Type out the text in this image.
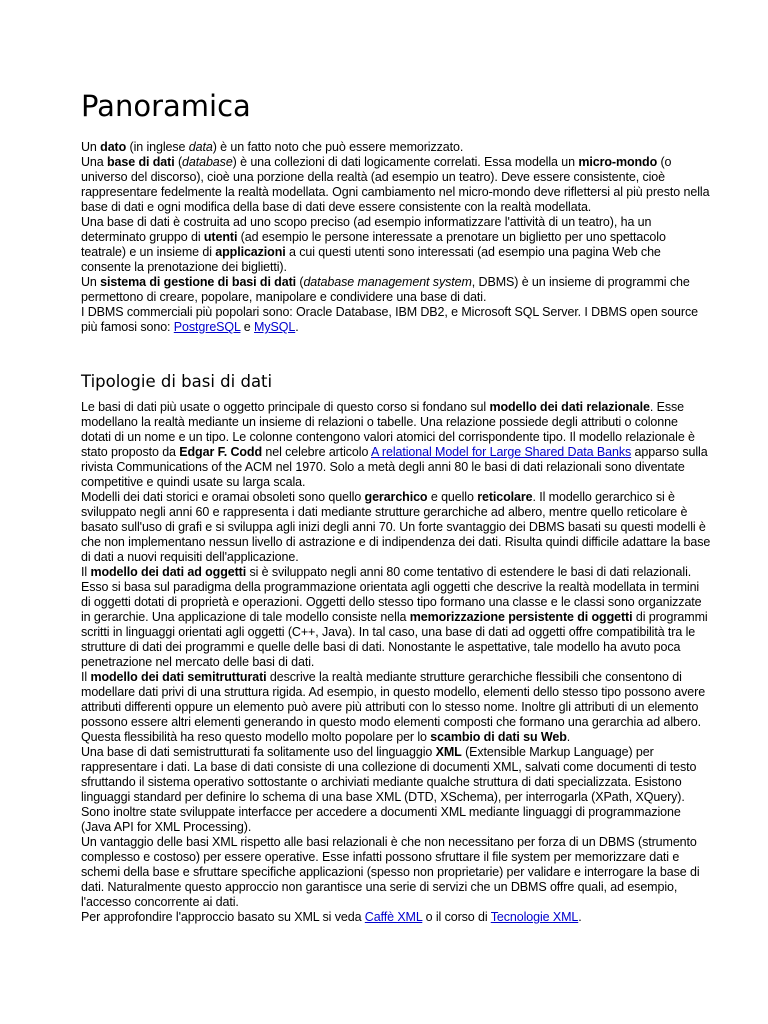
Panoramica

Un dato (in inglese data) è un fatto noto che può essere memorizzato.

Una base di dati (database) è una collezioni di dati logicamente correlati. Essa modella un micro-mondo (o universo del discorso), cioè una porzione della realtà (ad esempio un teatro). Deve essere consistente, cioè rappresentare fedelmente la realtà modellata. Ogni cambiamento nel micro-mondo deve riflettersi al più presto nella base di dati e ogni modifica della base di dati deve essere consistente con la realtà modellata.

Una base di dati è costruita ad uno scopo preciso (ad esempio informatizzare l'attività di un teatro), ha un determinato gruppo di utenti (ad esempio le persone interessate a prenotare un biglietto per uno spettacolo teatrale) e un insieme di applicazioni a cui questi utenti sono interessati (ad esempio una pagina Web che consente la prenotazione dei biglietti).

Un sistema di gestione di basi di dati (database management system, DBMS) è un insieme di programmi che permettono di creare, popolare, manipolare e condividere una base di dati.

I DBMS commerciali più popolari sono: Oracle Database, IBM DB2, e Microsoft SQL Server. I DBMS open source più famosi sono: PostgreSQL e MySQL.

Tipologie di basi di dati

Le basi di dati più usate o oggetto principale di questo corso si fondano sul modello dei dati relazionale. Esse modellano la realtà mediante un insieme di relazioni o tabelle. Una relazione possiede degli attributi o colonne dotati di un nome e un tipo. Le colonne contengono valori atomici del corrispondente tipo. Il modello relazionale è stato proposto da Edgar F. Codd nel celebre articolo A relational Model for Large Shared Data Banks apparso sulla rivista Communications of the ACM nel 1970. Solo a metà degli anni 80 le basi di dati relazionali sono diventate competitive e quindi usate su larga scala.

Modelli dei dati storici e oramai obsoleti sono quello gerarchico e quello reticolare. Il modello gerarchico si è sviluppato negli anni 60 e rappresenta i dati mediante strutture gerarchiche ad albero, mentre quello reticolare è basato sull'uso di grafi e si sviluppa agli inizi degli anni 70. Un forte svantaggio dei DBMS basati su questi modelli è che non implementano nessun livello di astrazione e di indipendenza dei dati. Risulta quindi difficile adattare la base di dati a nuovi requisiti dell'applicazione.

Il modello dei dati ad oggetti si è sviluppato negli anni 80 come tentativo di estendere le basi di dati relazionali. Esso si basa sul paradigma della programmazione orientata agli oggetti che descrive la realtà modellata in termini di oggetti dotati di proprietà e operazioni. Oggetti dello stesso tipo formano una classe e le classi sono organizzate in gerarchie. Una applicazione di tale modello consiste nella memorizzazione persistente di oggetti di programmi scritti in linguaggi orientati agli oggetti (C++, Java). In tal caso, una base di dati ad oggetti offre compatibilità tra le strutture di dati dei programmi e quelle delle basi di dati. Nonostante le aspettative, tale modello ha avuto poca penetrazione nel mercato delle basi di dati.

Il modello dei dati semitrutturati descrive la realtà mediante strutture gerarchiche flessibili che consentono di modellare dati privi di una struttura rigida. Ad esempio, in questo modello, elementi dello stesso tipo possono avere attributi differenti oppure un elemento può avere più attributi con lo stesso nome. Inoltre gli attributi di un elemento possono essere altri elementi generando in questo modo elementi composti che formano una gerarchia ad albero. Questa flessibilità ha reso questo modello molto popolare per lo scambio di dati su Web.

Una base di dati semistrutturati fa solitamente uso del linguaggio XML (Extensible Markup Language) per rappresentare i dati. La base di dati consiste di una collezione di documenti XML, salvati come documenti di testo sfruttando il sistema operativo sottostante o archiviati mediante qualche struttura di dati specializzata. Esistono linguaggi standard per definire lo schema di una base XML (DTD, XSchema), per interrogarla (XPath, XQuery). Sono inoltre state sviluppate interfacce per accedere a documenti XML mediante linguaggi di programmazione (Java API for XML Processing).

Un vantaggio delle basi XML rispetto alle basi relazionali è che non necessitano per forza di un DBMS (strumento complesso e costoso) per essere operative. Esse infatti possono sfruttare il file system per memorizzare dati e schemi della base e sfruttare specifiche applicazioni (spesso non proprietarie) per validare e interrogare la base di dati. Naturalmente questo approccio non garantisce una serie di servizi che un DBMS offre quali, ad esempio, l'accesso concorrente ai dati.

Per approfondire l'approccio basato su XML si veda Caffè XML o il corso di Tecnologie XML.
